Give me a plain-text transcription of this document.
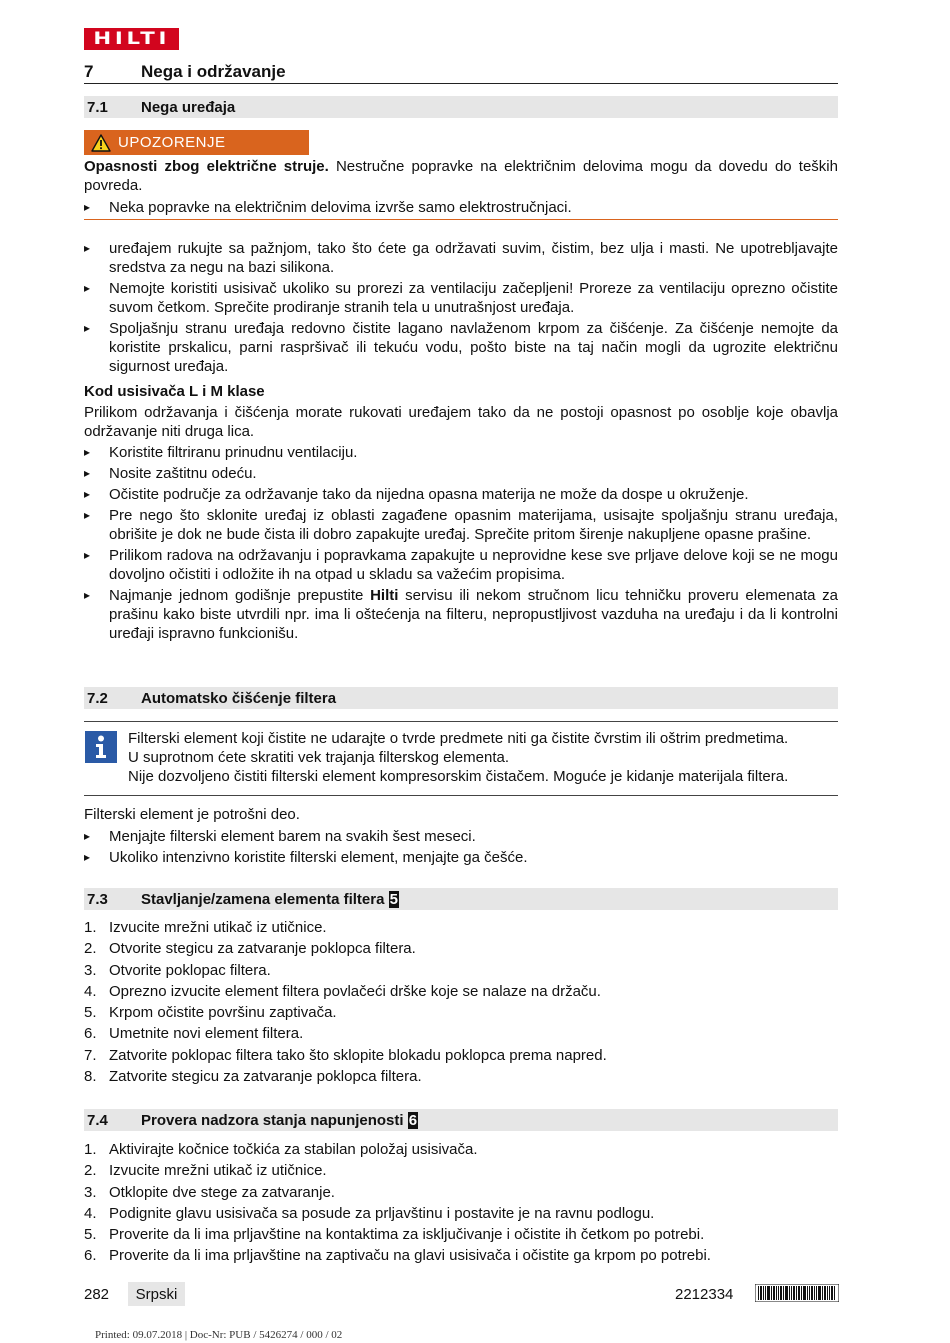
HILTI
7	Nega i održavanje
7.1 Nega uređaja
UPOZORENJE

Opasnosti zbog električne struje. Nestručne popravke na električnim delovima mogu da dovedu do teških povreda.

▸ Neka popravke na električnim delovima izvrše samo elektrostručnjaci.
▸ uređajem rukujte sa pažnjom, tako što ćete ga održavati suvim, čistim, bez ulja i masti. Ne upotrebljavajte sredstva za negu na bazi silikona.
▸ Nemojte koristiti usisivač ukoliko su prorezi za ventilaciju začepljeni! Proreze za ventilaciju oprezno očistite suvom četkom. Sprečite prodiranje stranih tela u unutrašnjost uređaja.
▸ Spoljašnju stranu uređaja redovno čistite lagano navlaženom krpom za čišćenje. Za čišćenje nemojte da koristite prskalicu, parni raspršivač ili tekuću vodu, pošto biste na taj način mogli da ugrozite električnu sigurnost uređaja.

Kod usisivača L i M klase

Prilikom održavanja i čišćenja morate rukovati uređajem tako da ne postoji opasnost po osoblje koje obavlja održavanje niti druga lica.

▸ Koristite filtriranu prinudnu ventilaciju.
▸ Nosite zaštitnu odeću.
▸ Očistite područje za održavanje tako da nijedna opasna materija ne može da dospe u okruženje.
▸ Pre nego što sklonite uređaj iz oblasti zagađene opasnim materijama, usisajte spoljašnju stranu uređaja, obrišite je dok ne bude čista ili dobro zapakujte uređaj. Sprečite pritom širenje nakupljene opasne prašine.
▸ Prilikom radova na održavanju i popravkama zapakujte u neprovidne kese sve prljave delove koji se ne mogu dovoljno očistiti i odložite ih na otpad u skladu sa važećim propisima.
▸ Najmanje jednom godišnje prepustite Hilti servisu ili nekom stručnom licu tehničku proveru elemenata za prašinu kako biste utvrdili npr. ima li oštećenja na filteru, nepropustljivost vazduha na uređaju i da li kontrolni uređaji ispravno funkcionišu.
7.2 Automatsko čišćenje filtera

Filterski element koji čistite ne udarajte o tvrde predmete niti ga čistite čvrstim ili oštrim predmetima.

U suprotnom ćete skratiti vek trajanja filterskog elementa.

Nije dozvoljeno čistiti filterski element kompresorskim čistačem. Moguće je kidanje materijala filtera.

Filterski element je potrošni deo.

▸ Menjajte filterski element barem na svakih šest meseci.
▸ Ukoliko intenzivno koristite filterski element, menjajte ga češće.
7.3 Stavljanje/zamena elementa filtera 5
1. Izvucite mrežni utikač iz utičnice.
2. Otvorite stegicu za zatvaranje poklopca filtera.
3. Otvorite poklopac filtera.
4. Oprezno izvucite element filtera povlačeći drške koje se nalaze na držaču.
5. Krpom očistite površinu zaptivača.
6. Umetnite novi element filtera.
7. Zatvorite poklopac filtera tako što sklopite blokadu poklopca prema napred.
8. Zatvorite stegicu za zatvaranje poklopca filtera.
7.4 Provera nadzora stanja napunjenosti 6
1. Aktivirajte kočnice točkića za stabilan položaj usisivača.
2. Izvucite mrežni utikač iz utičnice.
3. Otklopite dve stege za zatvaranje.
4. Podignite glavu usisivača sa posude za prljavštinu i postavite je na ravnu podlogu.
5. Proverite da li ima prljavštine na kontaktima za isključivanje i očistite ih četkom po potrebi.
6. Proverite da li ima prljavštine na zaptivaču na glavi usisivača i očistite ga krpom po potrebi.
282	Srpski	2212334
Printed: 09.07.2018 | Doc-Nr: PUB / 5426274 / 000 / 02
